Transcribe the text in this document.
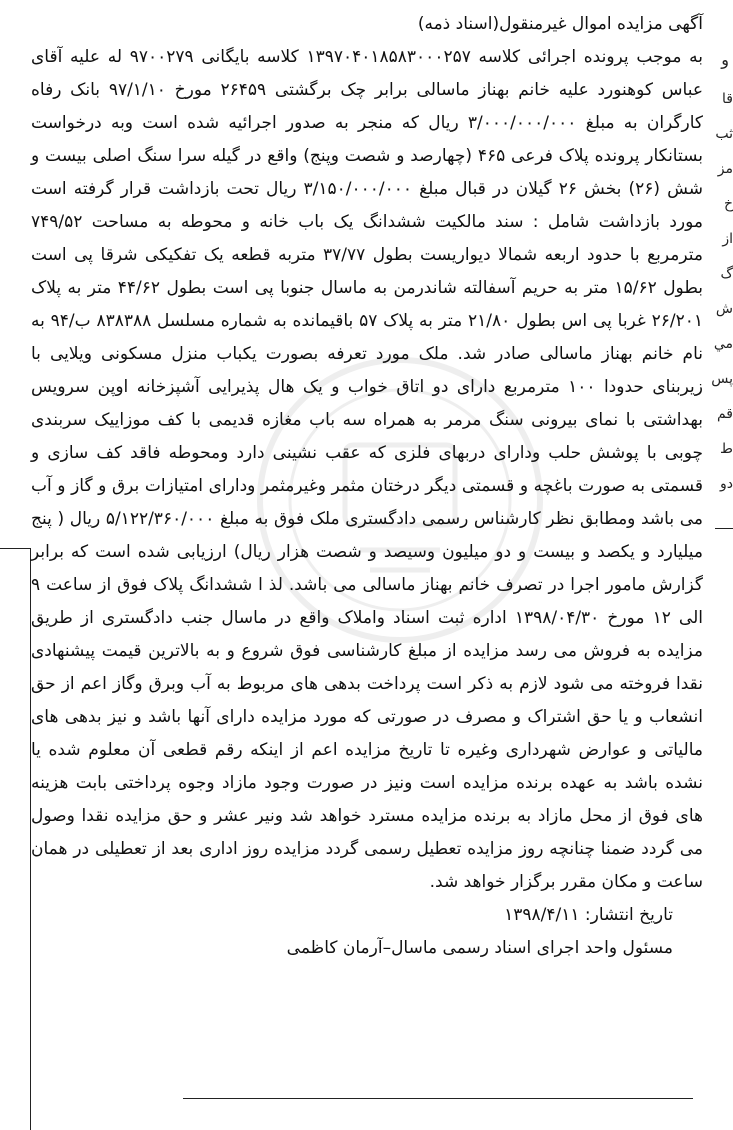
و
قا
ثب
مز
خ
از
گ
ش
مي
پس
قم
ط
دو

آگهی مزایده اموال غیرمنقول(اسناد ذمه)

به موجب پرونده اجرائی کلاسه ۱۳۹۷۰۴۰۱۸۵۸۳۰۰۰۲۵۷ کلاسه بایگانی ۹۷۰۰۲۷۹ له علیه آقای عباس کوهنورد علیه خانم بهناز ماسالی برابر چک برگشتی ۲۶۴۵۹ مورخ ۹۷/۱/۱۰ بانک رفاه کارگران به مبلغ ۳/۰۰۰/۰۰۰/۰۰۰ ریال که منجر به صدور اجرائیه شده است وبه درخواست بستانکار پرونده پلاک فرعی ۴۶۵ (چهارصد و شصت وپنج) واقع در گیله سرا سنگ اصلی بیست و شش (۲۶) بخش ۲۶ گیلان در قبال مبلغ ۳/۱۵۰/۰۰۰/۰۰۰ ریال تحت بازداشت قرار گرفته است مورد بازداشت شامل : سند مالکیت ششدانگ یک باب خانه و محوطه به مساحت ۷۴۹/۵۲ مترمربع با حدود اربعه شمالا دیواریست بطول ۳۷/۷۷ متربه قطعه یک تفکیکی شرقا پی است بطول ۱۵/۶۲ متر به حریم آسفالته شاندرمن به ماسال جنوبا پی است بطول ۴۴/۶۲ متر به پلاک ۲۶/۲۰۱ غربا پی اس بطول ۲۱/۸۰ متر به پلاک ۵۷ باقیمانده به شماره مسلسل ۸۳۸۳۸۸ ب/۹۴ به نام خانم بهناز ماسالی صادر شد. ملک مورد تعرفه بصورت یکباب منزل مسکونی ویلایی با زیربنای حدودا ۱۰۰ مترمربع دارای دو اتاق خواب و یک هال پذیرایی آشپزخانه اوپن سرویس بهداشتی با نمای بیرونی سنگ مرمر به همراه سه باب مغازه قدیمی با کف موزاییک سربندی چوبی با پوشش حلب ودارای دربهای فلزی که عقب نشینی دارد ومحوطه فاقد کف سازی و قسمتی به صورت باغچه و قسمتی دیگر درختان مثمر وغیرمثمر ودارای امتیازات برق و گاز و آب می باشد ومطابق نظر کارشناس رسمی دادگستری ملک فوق به مبلغ ۵/۱۲۲/۳۶۰/۰۰۰ ریال ( پنج میلیارد و یکصد و بیست و دو میلیون وسیصد و شصت هزار ریال) ارزیابی شده است که برابر گزارش مامور اجرا در تصرف خانم بهناز ماسالی می باشد. لذ ا ششدانگ پلاک فوق از ساعت ۹ الی ۱۲ مورخ ۱۳۹۸/۰۴/۳۰ اداره ثبت اسناد واملاک واقع در ماسال جنب دادگستری از طریق مزایده به فروش می رسد مزایده از مبلغ کارشناسی فوق شروع و به بالاترین قیمت پیشنهادی نقدا فروخته می شود لازم به ذکر است پرداخت بدهی های مربوط به آب وبرق وگاز اعم از حق انشعاب و یا حق اشتراک و مصرف در صورتی که مورد مزایده دارای آنها باشد و نیز بدهی های مالیاتی و عوارض شهرداری وغیره تا تاریخ مزایده اعم از اینکه رقم قطعی آن معلوم شده یا نشده باشد به عهده برنده مزایده است ونیز در صورت وجود مازاد وجوه پرداختی بابت هزینه های فوق از محل مازاد به برنده مزایده مسترد خواهد شد ونیر عشر و حق مزایده نقدا وصول می گردد ضمنا چنانچه روز مزایده تعطیل رسمی گردد مزایده روز اداری بعد از تعطیلی در همان ساعت و مکان مقرر برگزار خواهد شد.

تاریخ انتشار: ۱۳۹۸/۴/۱۱

مسئول واحد اجرای اسناد رسمی ماسال–آرمان کاظمی
